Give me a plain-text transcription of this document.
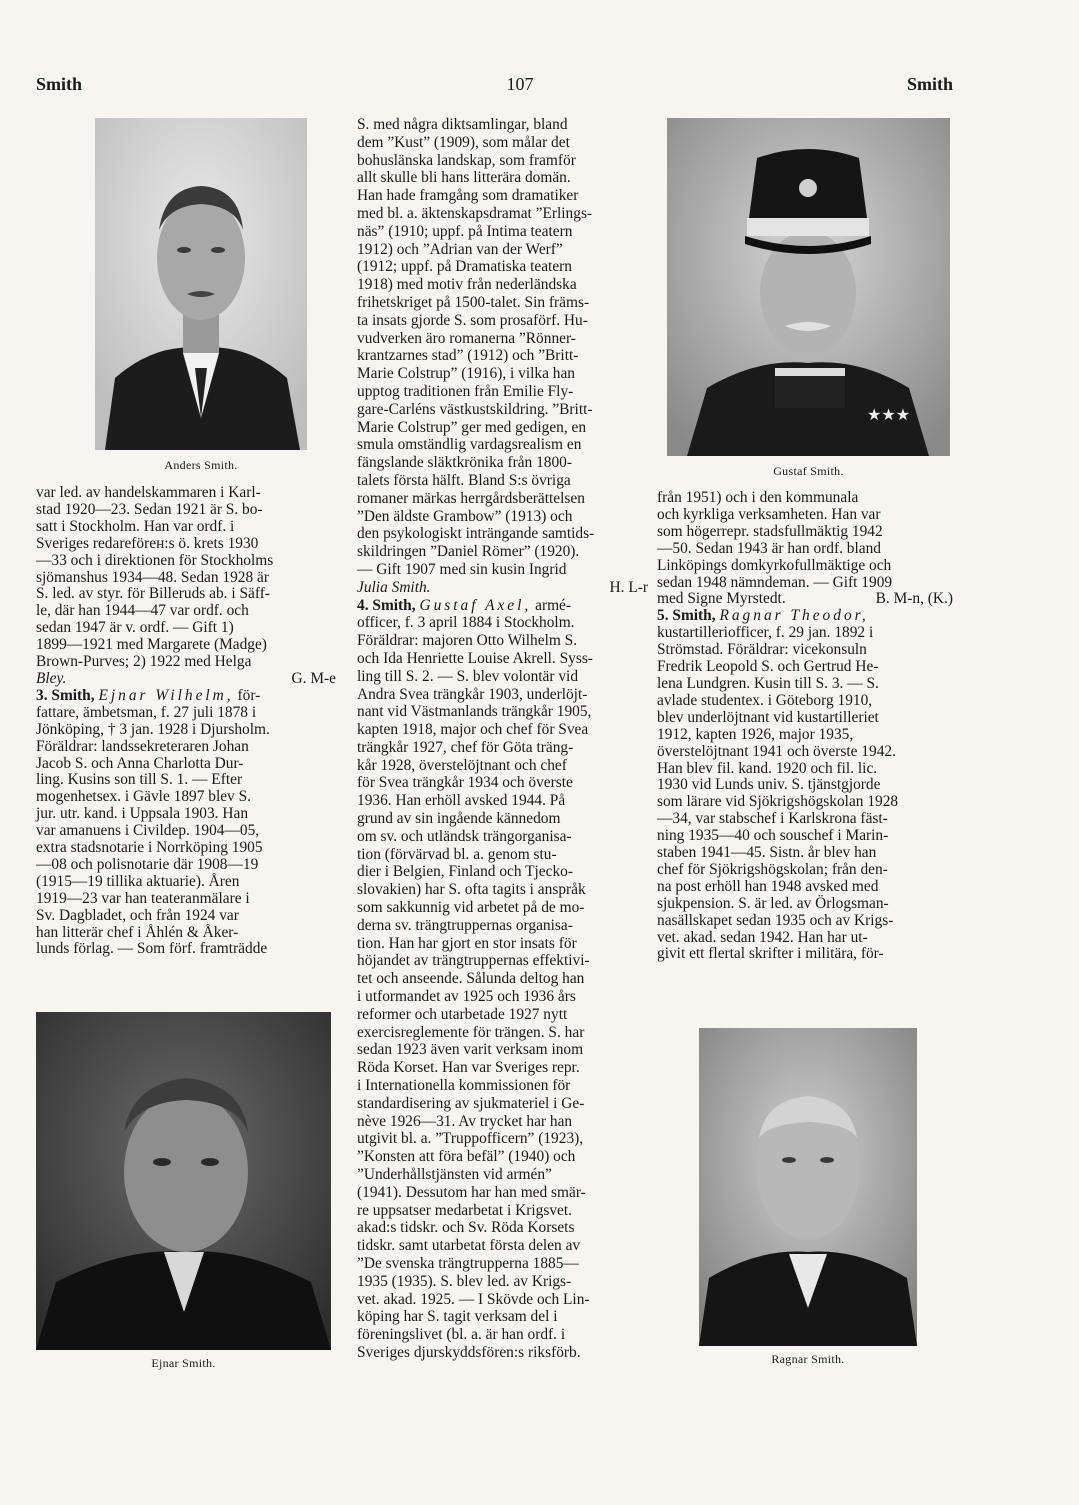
Smith	107	Smith
Anders Smith.
★★★
Gustaf Smith.
Ejnar Smith.	Ragnar Smith.

var led. av handelskammaren i Karl-

stad 1920—23. Sedan 1921 är S. bo-

satt i Stockholm. Han var ordf. i

Sveriges redareförен:s ö. krets 1930

—33 och i direktionen för Stockholms

sjömanshus 1934—48. Sedan 1928 är

S. led. av styr. för Billeruds ab. i Säff-

le, där han 1944—47 var ordf. och

sedan 1947 är v. ordf. — Gift 1)

1899—1921 med Margarete (Madge)

Brown-Purves; 2) 1922 med Helga

Bley.	G. M-e

3. Smith, Ejnar Wilhelm, för-

fattare, ämbetsman, f. 27 juli 1878 i

Jönköping, † 3 jan. 1928 i Djursholm.

Föräldrar: landssekreteraren Johan

Jacob S. och Anna Charlotta Dur-

ling. Kusins son till S. 1. — Efter

mogenhetsex. i Gävle 1897 blev S.

jur. utr. kand. i Uppsala 1903. Han

var amanuens i Civildep. 1904—05,

extra stadsnotarie i Norrköping 1905

—08 och polisnotarie där 1908—19

(1915—19 tillika aktuarie). Åren

1919—23 var han teateranmälare i

Sv. Dagbladet, och från 1924 var

han litterär chef i Åhlén & Åker-

lunds förlag. — Som förf. framträdde

S. med några diktsamlingar, bland

dem ”Kust” (1909), som målar det

bohuslänska landskap, som framför

allt skulle bli hans litterära domän.

Han hade framgång som dramatiker

med bl. a. äktenskapsdramat ”Erlings-

näs” (1910; uppf. på Intima teatern

1912) och ”Adrian van der Werf”

(1912; uppf. på Dramatiska teatern

1918) med motiv från nederländska

frihetskriget på 1500-talet. Sin främs-

ta insats gjorde S. som prosaförf. Hu-

vudverken äro romanerna ”Rönner-

krantzarnes stad” (1912) och ”Britt-

Marie Colstrup” (1916), i vilka han

upptog traditionen från Emilie Fly-

gare-Carléns västkustskildring. ”Britt-

Marie Colstrup” ger med gedigen, en

smula omständlig vardagsrealism en

fängslande släktkrönika från 1800-

talets första hälft. Bland S:s övriga

romaner märkas herrgårdsberättelsen

”Den äldste Grambow” (1913) och

den psykologiskt inträngande samtids-

skildringen ”Daniel Römer” (1920).

— Gift 1907 med sin kusin Ingrid

Julia Smith.	H. L-r

4. Smith, Gustaf Axel, armé-

officer, f. 3 april 1884 i Stockholm.

Föräldrar: majoren Otto Wilhelm S.

och Ida Henriette Louise Akrell. Syss-

ling till S. 2. — S. blev volontär vid

Andra Svea trängkår 1903, underlöjt-

nant vid Västmanlands trängkår 1905,

kapten 1918, major och chef för Svea

trängkår 1927, chef för Göta träng-

kår 1928, överstelöjtnant och chef

för Svea trängkår 1934 och överste

1936. Han erhöll avsked 1944. På

grund av sin ingående kännedom

om sv. och utländsk trängorganisa-

tion (förvärvad bl. a. genom stu-

dier i Belgien, Finland och Tjecko-

slovakien) har S. ofta tagits i anspråk

som sakkunnig vid arbetet på de mo-

derna sv. trängtruppernas organisa-

tion. Han har gjort en stor insats för

höjandet av trängtruppernas effektivi-

tet och anseende. Sålunda deltog han

i utformandet av 1925 och 1936 års

reformer och utarbetade 1927 nytt

exercisreglemente för trängen. S. har

sedan 1923 även varit verksam inom

Röda Korset. Han var Sveriges repr.

i Internationella kommissionen för

standardisering av sjukmateriel i Ge-

nève 1926—31. Av trycket har han

utgivit bl. a. ”Truppofficern” (1923),

”Konsten att föra befäl” (1940) och

”Underhållstjänsten vid armén”

(1941). Dessutom har han med smär-

re uppsatser medarbetat i Krigsvet.

akad:s tidskr. och Sv. Röda Korsets

tidskr. samt utarbetat första delen av

”De svenska trängtrupperna 1885—

1935 (1935). S. blev led. av Krigs-

vet. akad. 1925. — I Skövde och Lin-

köping har S. tagit verksam del i

föreningslivet (bl. a. är han ordf. i

Sveriges djurskyddsfören:s riksförb.

från 1951) och i den kommunala

och kyrkliga verksamheten. Han var

som högerrepr. stadsfullmäktig 1942

—50. Sedan 1943 är han ordf. bland

Linköpings domkyrkofullmäktige och

sedan 1948 nämndeman. — Gift 1909

med Signe Myrstedt.	B. M-n, (K.)

5. Smith, Ragnar Theodor,

kustartilleriofficer, f. 29 jan. 1892 i

Strömstad. Föräldrar: vicekonsuln

Fredrik Leopold S. och Gertrud He-

lena Lundgren. Kusin till S. 3. — S.

avlade studentex. i Göteborg 1910,

blev underlöjtnant vid kustartilleriet

1912, kapten 1926, major 1935,

överstelöjtnant 1941 och överste 1942.

Han blev fil. kand. 1920 och fil. lic.

1930 vid Lunds univ. S. tjänstgjorde

som lärare vid Sjökrigshögskolan 1928

—34, var stabschef i Karlskrona fäst-

ning 1935—40 och souschef i Marin-

staben 1941—45. Sistn. år blev han

chef för Sjökrigshögskolan; från den-

na post erhöll han 1948 avsked med

sjukpension. S. är led. av Örlogsman-

nasällskapet sedan 1935 och av Krigs-

vet. akad. sedan 1942. Han har ut-

givit ett flertal skrifter i militära, för-
